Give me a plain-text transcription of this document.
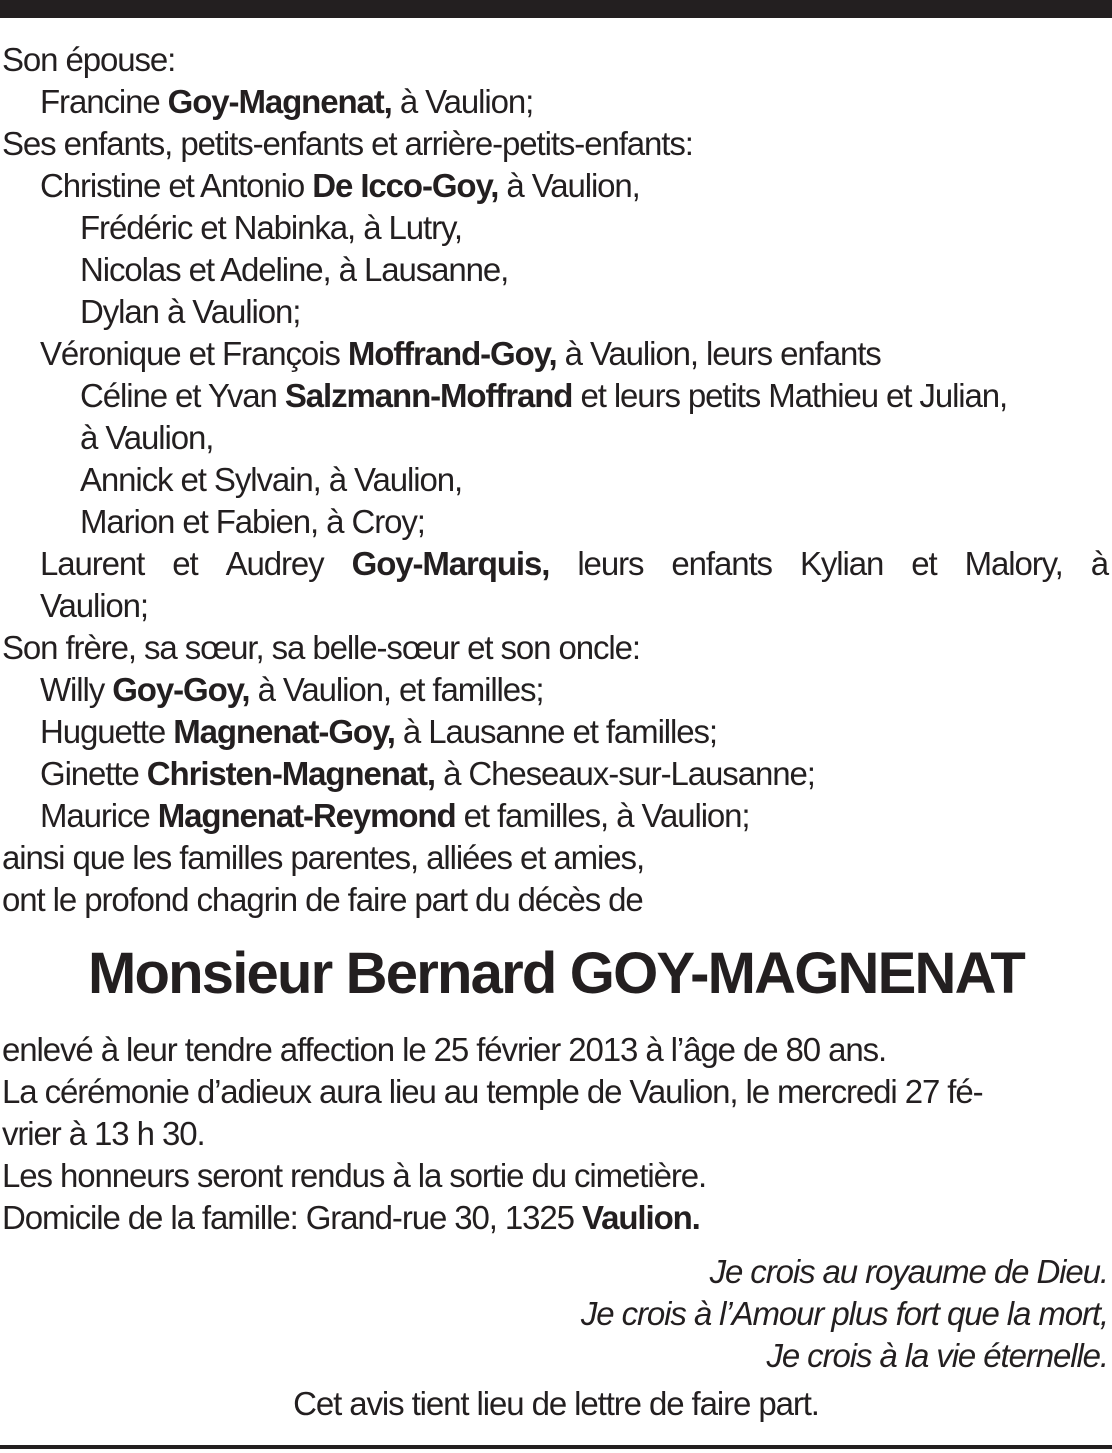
Son épouse:
Francine Goy-Magnenat, à Vaulion;
Ses enfants, petits-enfants et arrière-petits-enfants:
Christine et Antonio De Icco-Goy, à Vaulion,
Frédéric et Nabinka, à Lutry,
Nicolas et Adeline, à Lausanne,
Dylan à Vaulion;
Véronique et François Moffrand-Goy, à Vaulion, leurs enfants
Céline et Yvan Salzmann-Moffrand et leurs petits Mathieu et Julian,
à Vaulion,
Annick et Sylvain, à Vaulion,
Marion et Fabien, à Croy;
Laurent et Audrey Goy-Marquis, leurs enfants Kylian et Malory, à
Vaulion;
Son frère, sa sœur, sa belle-sœur et son oncle:
Willy Goy-Goy, à Vaulion, et familles;
Huguette Magnenat-Goy, à Lausanne et familles;
Ginette Christen-Magnenat, à Cheseaux-sur-Lausanne;
Maurice Magnenat-Reymond et familles, à Vaulion;
ainsi que les familles parentes, alliées et amies,
ont le profond chagrin de faire part du décès de
Monsieur Bernard GOY-MAGNENAT
enlevé à leur tendre affection le 25 février 2013 à l’âge de 80 ans.
La cérémonie d’adieux aura lieu au temple de Vaulion, le mercredi 27 fé-
vrier à 13 h 30.
Les honneurs seront rendus à la sortie du cimetière.
Domicile de la famille: Grand-rue 30, 1325 Vaulion.
Je crois au royaume de Dieu.
Je crois à l’Amour plus fort que la mort,
Je crois à la vie éternelle.
Cet avis tient lieu de lettre de faire part.
